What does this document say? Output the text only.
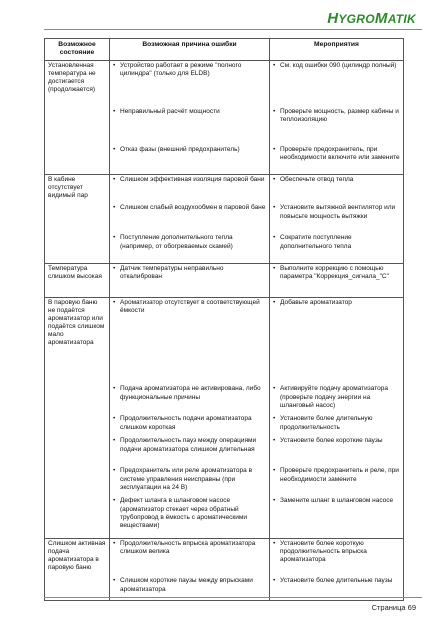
HYGROMATIK
Возможное состояние	Возможная причина ошибки	Мероприятия
Установленная температура не достигается (продолжается)	• Устройство работает в режиме "полного цилиндра" (только для ELDB)	• См. код ошибки 090 (цилиндр полный)

	• Неправильный расчёт мощности	• Проверьте мощность, размер кабины и теплоизоляцию

	• Отказ фазы (внешний предохранитель)	• Проверьте предохранитель, при необходимости включите или замените

В кабине отсутствует видимый пар	• Слишком эффективная изоляция паровой бани	• Обеспечьте отвод тепла

	• Слишком слабый воздухообмен в паровой бане	• Установите вытяжной вентилятор или повысьте мощность вытяжки

	• Поступление дополнительного тепла (например, от обогреваемых скамей)	• Сократите поступление дополнительного тепла

Температура слишком высокая	• Датчик температуры неправильно откалиброван	• Выполните коррекцию с помощью параметра "Коррекция_сигнала_"C"

В паровую баню не подаётся ароматизатор или подаётся слишком мало ароматизатора	• Ароматизатор отсутствует в соответствующей ёмкости	• Добавьте ароматизатор

	• Подача ароматизатора не активирована, либо функциональные причины	• Активируйте подачу ароматизатора (проверьте подачу энергии на шланговый насос)

	• Продолжительность подачи ароматизатора слишком короткая	• Установите более длительную продолжительность

	• Продолжительность пауз между операциями подачи ароматизатора слишком длительная	• Установите более короткие паузы

	• Предохранитель или реле ароматизатора в системе управления неисправны (при эксплуатации на 24 В)	• Проверьте предохранитель и реле, при необходимости замените

	• Дефект шланга в шланговом насосе (ароматизатор стекает через обратный трубопровод в ёмкость с ароматическими веществами)	• Замените шланг в шланговом насосе

Слишком активная подача ароматизатора в паровую баню	• Продолжительность впрыска ароматизатора слишком велика	• Установите более короткую продолжительность впрыска ароматизатора

	• Слишком короткие паузы между впрысками ароматизатора	• Установите более длительные паузы
Страница 69
